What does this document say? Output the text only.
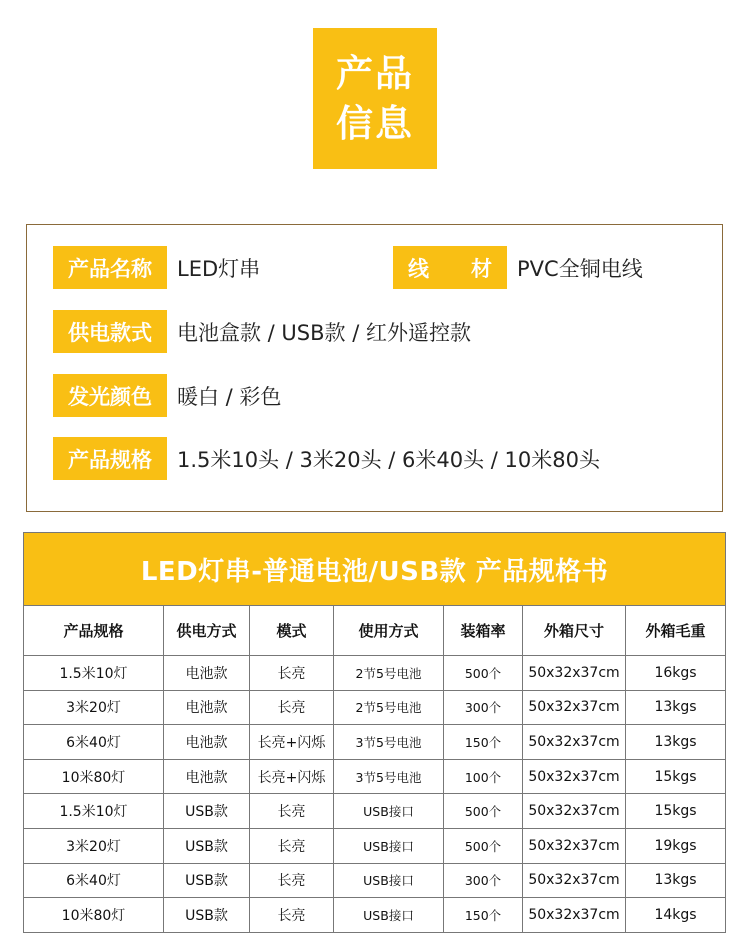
产品
信息
产品名称	LED灯串	线　　材	PVC全铜电线
供电款式	电池盒款 / USB款 / 红外遥控款
发光颜色	暖白 / 彩色
产品规格	1.5米10头 / 3米20头 / 6米40头 / 10米80头
LED灯串-普通电池/USB款 产品规格书						
产品规格	供电方式	模式	使用方式	装箱率	外箱尺寸	外箱毛重
1.5米10灯	电池款	长亮	2节5号电池	500个	50x32x37cm	16kgs
3米20灯	电池款	长亮	2节5号电池	300个	50x32x37cm	13kgs
6米40灯	电池款	长亮+闪烁	3节5号电池	150个	50x32x37cm	13kgs
10米80灯	电池款	长亮+闪烁	3节5号电池	100个	50x32x37cm	15kgs
1.5米10灯	USB款	长亮	USB接口	500个	50x32x37cm	15kgs
3米20灯	USB款	长亮	USB接口	500个	50x32x37cm	19kgs
6米40灯	USB款	长亮	USB接口	300个	50x32x37cm	13kgs
10米80灯	USB款	长亮	USB接口	150个	50x32x37cm	14kgs
